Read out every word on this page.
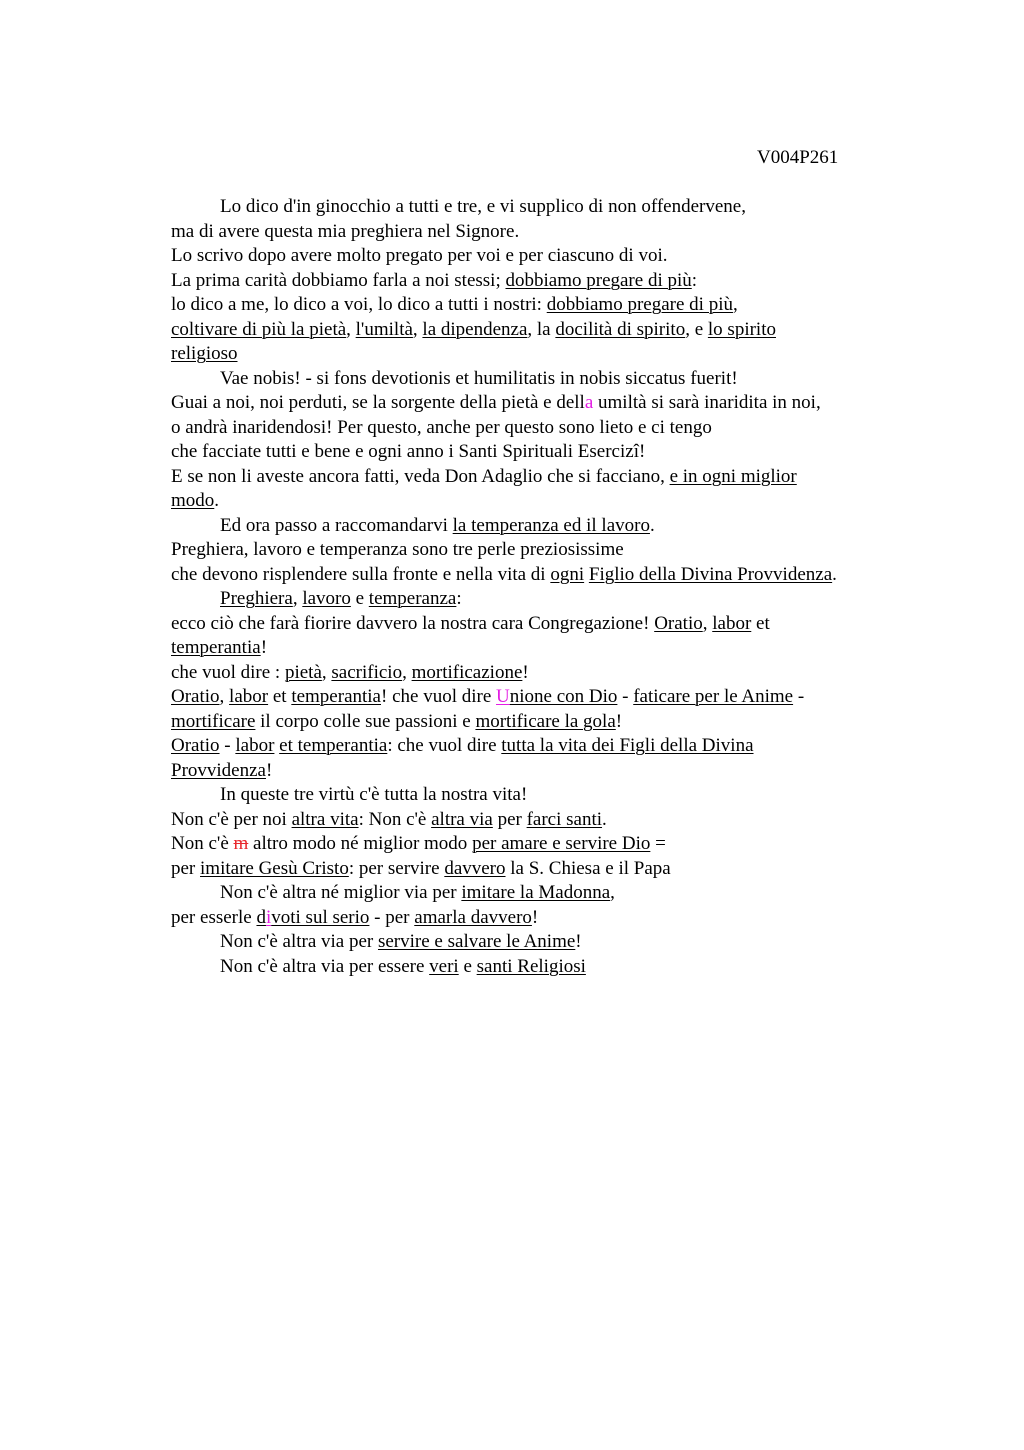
V004P261
Lo dico d'in ginocchio a tutti e tre, e vi supplico di non offendervene,
ma di avere questa mia preghiera nel Signore.
Lo scrivo dopo avere molto pregato per voi e per ciascuno di voi.
La prima carità dobbiamo farla a noi stessi; dobbiamo pregare di più:
lo dico a me, lo dico a voi, lo dico a tutti i nostri: dobbiamo pregare di più,
coltivare di più la pietà, l'umiltà, la dipendenza, la docilità di spirito, e lo spirito
religioso
Vae nobis! - si fons devotionis et humilitatis in nobis siccatus fuerit!
Guai a noi, noi perduti, se la sorgente della pietà e della umiltà si sarà inaridita in noi,
o andrà inaridendosi! Per questo, anche per questo sono lieto e ci tengo
che facciate tutti e bene e ogni anno i Santi Spirituali Esercizi!
E se non li aveste ancora fatti, veda Don Adaglio che si facciano, e in ogni miglior
modo.
Ed ora passo a raccomandarvi la temperanza ed il lavoro.
Preghiera, lavoro e temperanza sono tre perle preziosissime
che devono risplendere sulla fronte e nella vita di ogni Figlio della Divina Provvidenza.
Preghiera, lavoro e temperanza:
ecco ciò che farà fiorire davvero la nostra cara Congregazione! Oratio, labor et
temperantia!
che vuol dire : pietà, sacrificio, mortificazione!
Oratio, labor et temperantia! che vuol dire Unione con Dio - faticare per le Anime -
mortificare il corpo colle sue passioni e mortificare la gola!
Oratio - labor et temperantia: che vuol dire tutta la vita dei Figli della Divina
Provvidenza!
In queste tre virtù c'è tutta la nostra vita!
Non c'è per noi altra vita: Non c'è altra via per farci santi.
Non c'è m altro modo né miglior modo per amare e servire Dio =
per imitare Gesù Cristo: per servire davvero la S. Chiesa e il Papa
Non c'è altra né miglior via per imitare la Madonna,
per esserle divoti sul serio - per amarla davvero!
Non c'è altra via per servire e salvare le Anime!
Non c'è altra via per essere veri e santi Religiosi
